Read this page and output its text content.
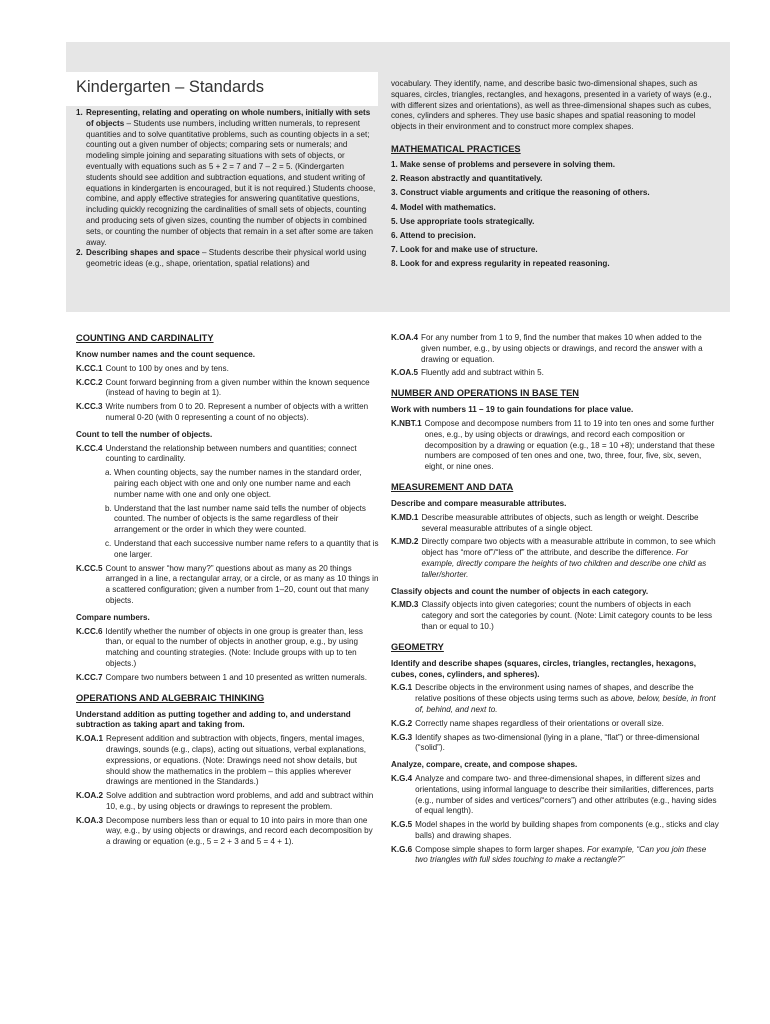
Kindergarten – Standards

1. Representing, relating and operating on whole numbers, initially with sets of objects – Students use numbers, including written numerals, to represent quantities and to solve quantitative problems, such as counting objects in a set; counting out a given number of objects; comparing sets or numerals; and modeling simple joining and separating situations with sets of objects, or eventually with equations such as 5 + 2 = 7 and 7 – 2 = 5. (Kindergarten students should see addition and subtraction equations, and student writing of equations in kindergarten is encouraged, but it is not required.) Students choose, combine, and apply effective strategies for answering quantitative questions, including quickly recognizing the cardinalities of small sets of objects, counting and producing sets of given sizes, counting the number of objects in combined sets, or counting the number of objects that remain in a set after some are taken away.

2. Describing shapes and space – Students describe their physical world using geometric ideas (e.g., shape, orientation, spatial relations) and

vocabulary. They identify, name, and describe basic two-dimensional shapes, such as squares, circles, triangles, rectangles, and hexagons, presented in a variety of ways (e.g., with different sizes and orientations), as well as three-dimensional shapes such as cubes, cones, cylinders and spheres. They use basic shapes and spatial reasoning to model objects in their environment and to construct more complex shapes.

MATHEMATICAL PRACTICES
1. Make sense of problems and persevere in solving them.
2. Reason abstractly and quantitatively.
3. Construct viable arguments and critique the reasoning of others.
4. Model with mathematics.
5. Use appropriate tools strategically.
6. Attend to precision.
7. Look for and make use of structure.
8. Look for and express regularity in repeated reasoning.
COUNTING AND CARDINALITY
Know number names and the count sequence.
K.CC.1 Count to 100 by ones and by tens.
K.CC.2 Count forward beginning from a given number within the known sequence (instead of having to begin at 1).
K.CC.3 Write numbers from 0 to 20. Represent a number of objects with a written numeral 0-20 (with 0 representing a count of no objects).
Count to tell the number of objects.
K.CC.4 Understand the relationship between numbers and quantities; connect counting to cardinality.
a. When counting objects, say the number names in the standard order, pairing each object with one and only one number name and each number name with one and only one object.
b. Understand that the last number name said tells the number of objects counted. The number of objects is the same regardless of their arrangement or the order in which they were counted.
c. Understand that each successive number name refers to a quantity that is one larger.
K.CC.5 Count to answer “how many?” questions about as many as 20 things arranged in a line, a rectangular array, or a circle, or as many as 10 things in a scattered configuration; given a number from 1–20, count out that many objects.
Compare numbers.
K.CC.6 Identify whether the number of objects in one group is greater than, less than, or equal to the number of objects in another group, e.g., by using matching and counting strategies. (Note: Include groups with up to ten objects.)
K.CC.7 Compare two numbers between 1 and 10 presented as written numerals.
OPERATIONS AND ALGEBRAIC THINKING
Understand addition as putting together and adding to, and understand subtraction as taking apart and taking from.
K.OA.1 Represent addition and subtraction with objects, fingers, mental images, drawings, sounds (e.g., claps), acting out situations, verbal explanations, expressions, or equations. (Note: Drawings need not show details, but should show the mathematics in the problem – this applies wherever drawings are mentioned in the Standards.)
K.OA.2 Solve addition and subtraction word problems, and add and subtract within 10, e.g., by using objects or drawings to represent the problem.
K.OA.3 Decompose numbers less than or equal to 10 into pairs in more than one way, e.g., by using objects or drawings, and record each decomposition by a drawing or equation (e.g., 5 = 2 + 3 and 5 = 4 + 1).
K.OA.4 For any number from 1 to 9, find the number that makes 10 when added to the given number, e.g., by using objects or drawings, and record the answer with a drawing or equation.
K.OA.5 Fluently add and subtract within 5.
NUMBER AND OPERATIONS IN BASE TEN
Work with numbers 11 – 19 to gain foundations for place value.
K.NBT.1 Compose and decompose numbers from 11 to 19 into ten ones and some further ones, e.g., by using objects or drawings, and record each composition or decomposition by a drawing or equation (e.g., 18 = 10 +8); understand that these numbers are composed of ten ones and one, two, three, four, five, six, seven, eight, or nine ones.
MEASUREMENT AND DATA
Describe and compare measurable attributes.
K.MD.1 Describe measurable attributes of objects, such as length or weight. Describe several measurable attributes of a single object.
K.MD.2 Directly compare two objects with a measurable attribute in common, to see which object has “more of”/“less of” the attribute, and describe the difference. For example, directly compare the heights of two children and describe one child as taller/shorter.
Classify objects and count the number of objects in each category.
K.MD.3 Classify objects into given categories; count the numbers of objects in each category and sort the categories by count. (Note: Limit category counts to be less than or equal to 10.)
GEOMETRY
Identify and describe shapes (squares, circles, triangles, rectangles, hexagons, cubes, cones, cylinders, and spheres).
K.G.1 Describe objects in the environment using names of shapes, and describe the relative positions of these objects using terms such as above, below, beside, in front of, behind, and next to.
K.G.2 Correctly name shapes regardless of their orientations or overall size.
K.G.3 Identify shapes as two-dimensional (lying in a plane, “flat”) or three-dimensional (“solid”).
Analyze, compare, create, and compose shapes.
K.G.4 Analyze and compare two- and three-dimensional shapes, in different sizes and orientations, using informal language to describe their similarities, differences, parts (e.g., number of sides and vertices/“corners”) and other attributes (e.g., having sides of equal length).
K.G.5 Model shapes in the world by building shapes from components (e.g., sticks and clay balls) and drawing shapes.
K.G.6 Compose simple shapes to form larger shapes. For example, “Can you join these two triangles with full sides touching to make a rectangle?”
